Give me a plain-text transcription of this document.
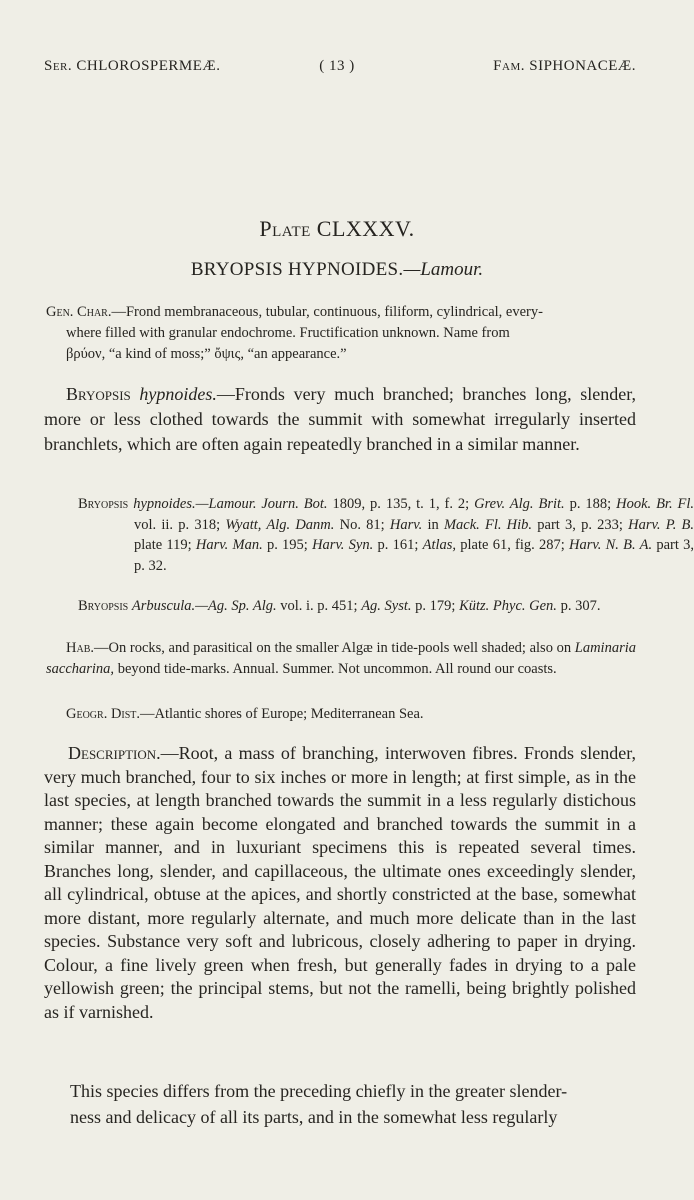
Ser. CHLOROSPERMEÆ.	( 13 )	Fam. SIPHONACEÆ.
Plate CLXXXV.
BRYOPSIS HYPNOIDES.—Lamour.
Gen. Char.—Frond membranaceous, tubular, continuous, filiform, cylindrical, every-
where filled with granular endochrome. Fructification unknown. Name from
βρύον, “a kind of moss;” ὄψις, “an appearance.”
Bryopsis hypnoides.—Fronds very much branched; branches long, slender, more or less clothed towards the summit with somewhat irregularly inserted branchlets, which are often again repeatedly branched in a similar manner.
Bryopsis hypnoides.—Lamour. Journ. Bot. 1809, p. 135, t. 1, f. 2; Grev. Alg. Brit. p. 188; Hook. Br. Fl. vol. ii. p. 318; Wyatt, Alg. Danm. No. 81; Harv. in Mack. Fl. Hib. part 3, p. 233; Harv. P. B. plate 119; Harv. Man. p. 195; Harv. Syn. p. 161; Atlas, plate 61, fig. 287; Harv. N. B. A. part 3, p. 32.
Bryopsis Arbuscula.—Ag. Sp. Alg. vol. i. p. 451; Ag. Syst. p. 179; Kütz. Phyc. Gen. p. 307.
Hab.—On rocks, and parasitical on the smaller Algæ in tide-pools well shaded; also on Laminaria saccharina, beyond tide-marks. Annual. Summer. Not uncommon. All round our coasts.
Geogr. Dist.—Atlantic shores of Europe; Mediterranean Sea.
Description.—Root, a mass of branching, interwoven fibres. Fronds slender, very much branched, four to six inches or more in length; at first simple, as in the last species, at length branched towards the summit in a less regularly distichous manner; these again become elongated and branched towards the summit in a similar manner, and in luxuriant specimens this is repeated several times. Branches long, slender, and capillaceous, the ultimate ones exceedingly slender, all cylindrical, obtuse at the apices, and shortly constricted at the base, somewhat more distant, more regularly alternate, and much more delicate than in the last species. Substance very soft and lubricous, closely adhering to paper in drying. Colour, a fine lively green when fresh, but generally fades in drying to a pale yellowish green; the principal stems, but not the ramelli, being brightly polished as if varnished.
This species differs from the preceding chiefly in the greater slender-
ness and delicacy of all its parts, and in the somewhat less regularly
